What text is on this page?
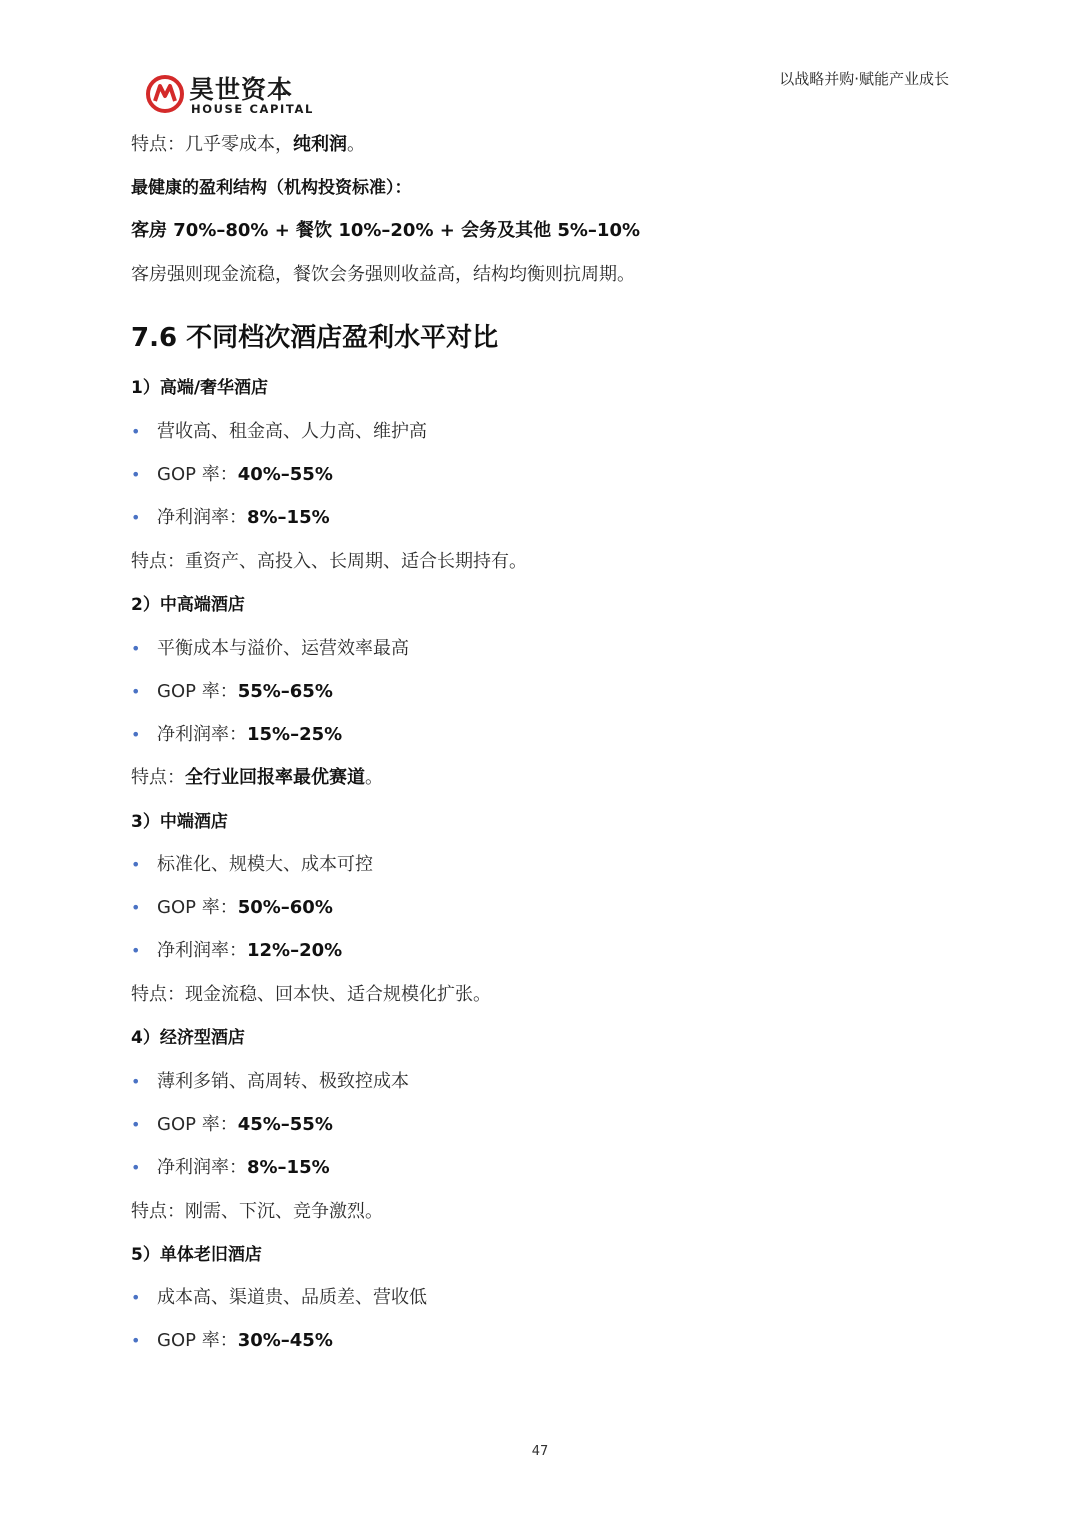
昊世资本
HOUSE CAPITAL
以战略并购·赋能产业成长
特点：几乎零成本，纯利润。
最健康的盈利结构（机构投资标准）：
客房 70%–80% + 餐饮 10%–20% + 会务及其他 5%–10%
客房强则现金流稳，餐饮会务强则收益高，结构均衡则抗周期。
7.6 不同档次酒店盈利水平对比
1）高端/奢华酒店
• 营收高、租金高、人力高、维护高
• GOP 率：40%–55%
• 净利润率：8%–15%
特点：重资产、高投入、长周期、适合长期持有。
2）中高端酒店
• 平衡成本与溢价、运营效率最高
• GOP 率：55%–65%
• 净利润率：15%–25%
特点：全行业回报率最优赛道。
3）中端酒店
• 标准化、规模大、成本可控
• GOP 率：50%–60%
• 净利润率：12%–20%
特点：现金流稳、回本快、适合规模化扩张。
4）经济型酒店
• 薄利多销、高周转、极致控成本
• GOP 率：45%–55%
• 净利润率：8%–15%
特点：刚需、下沉、竞争激烈。
5）单体老旧酒店
• 成本高、渠道贵、品质差、营收低
• GOP 率：30%–45%
47
